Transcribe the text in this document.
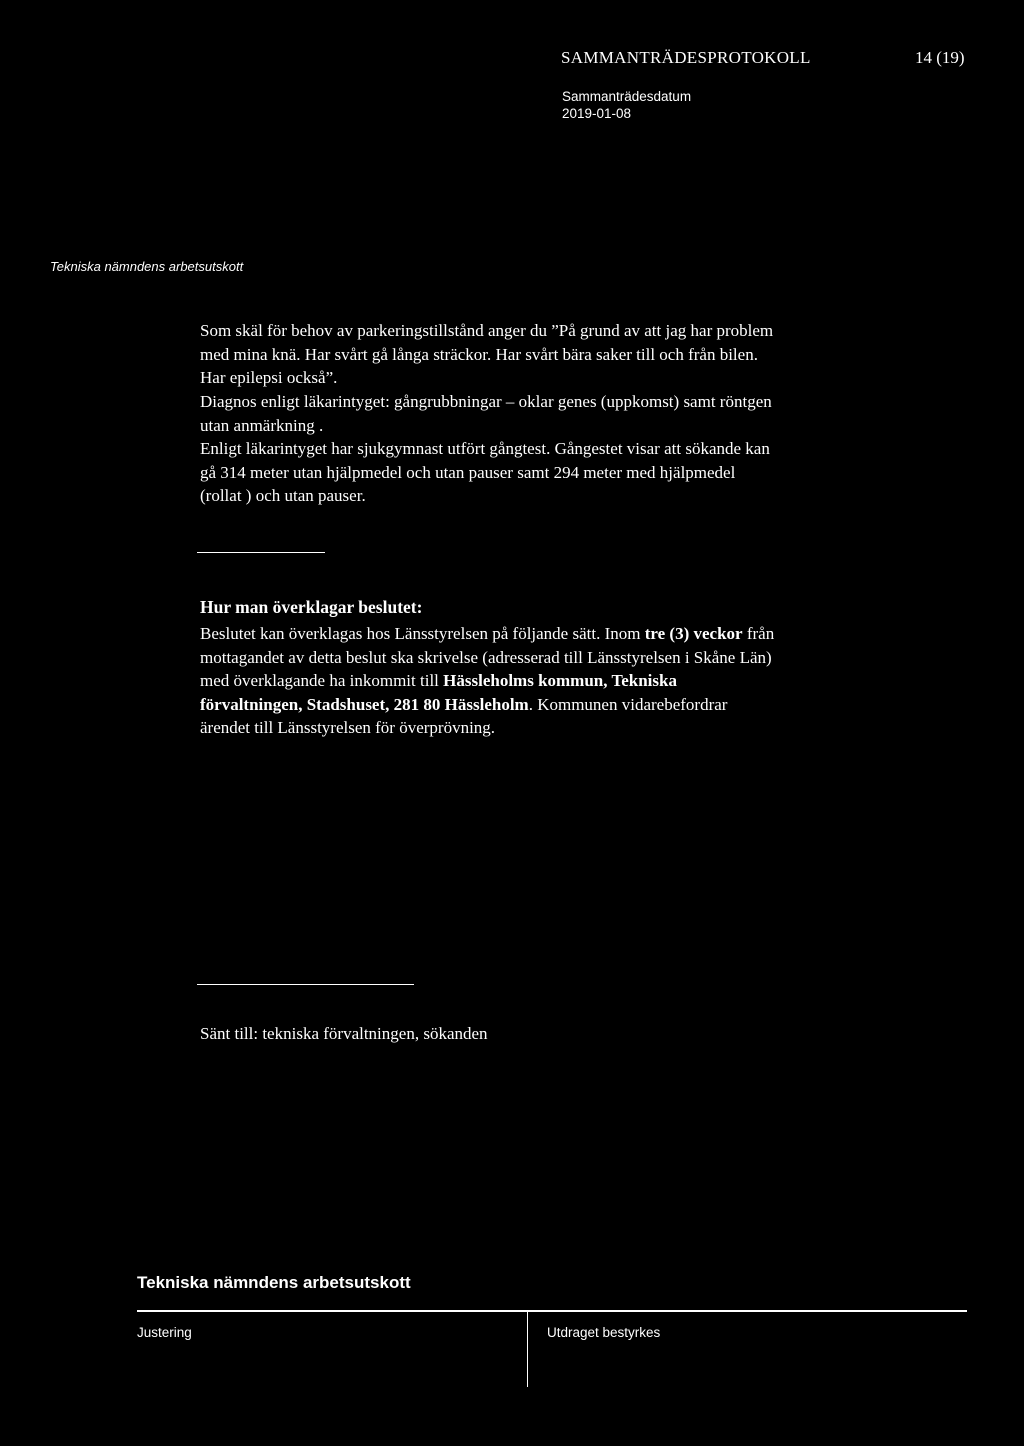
SAMMANTRÄDESPROTOKOLL	14 (19)
Sammanträdesdatum
2019-01-08
Tekniska nämndens arbetsutskott
Som skäl för behov av parkeringstillstånd anger du ”På grund av att jag har problem
med mina knä. Har svårt gå långa sträckor. Har svårt bära saker till och från bilen.
Har epilepsi också”.
Diagnos enligt läkarintyget: gångrubbningar – oklar genes (uppkomst) samt röntgen
utan anmärkning .
Enligt läkarintyget har sjukgymnast utfört gångtest. Gångestet visar att sökande kan
gå 314 meter utan hjälpmedel och utan pauser samt 294 meter med hjälpmedel
(rollat ) och utan pauser.
Hur man överklagar beslutet:
Beslutet kan överklagas hos Länsstyrelsen på följande sätt. Inom tre (3) veckor från
mottagandet av detta beslut ska skrivelse (adresserad till Länsstyrelsen i Skåne Län)
med överklagande ha inkommit till Hässleholms kommun, Tekniska
förvaltningen, Stadshuset, 281 80 Hässleholm. Kommunen vidarebefordrar
ärendet till Länsstyrelsen för överprövning.
Sänt till: tekniska förvaltningen, sökanden
Tekniska nämndens arbetsutskott
Justering	Utdraget bestyrkes
